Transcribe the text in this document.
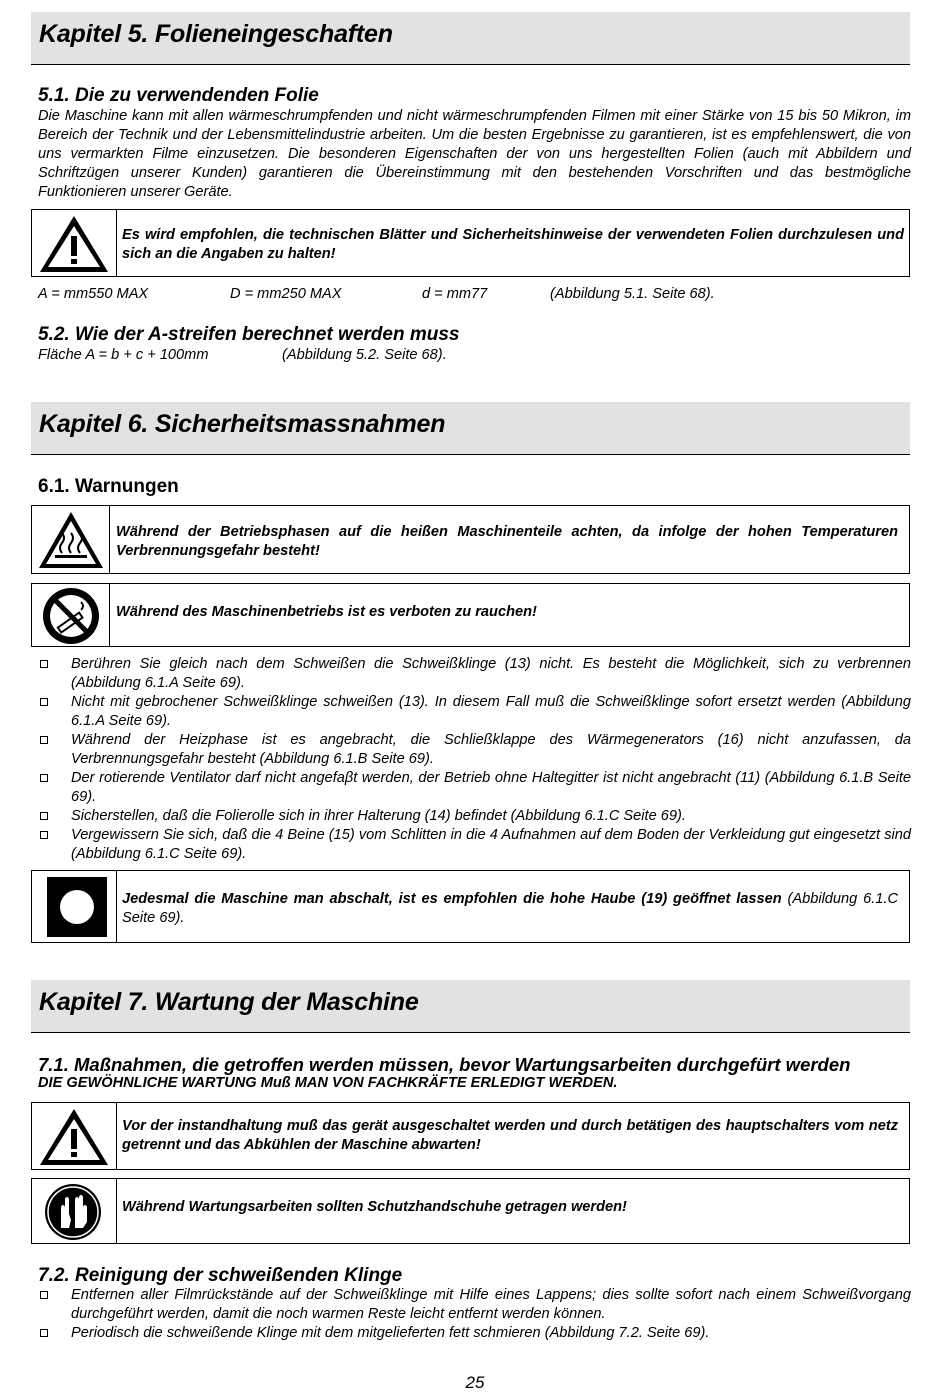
Kapitel 5. Folieneingeschaften
5.1. Die zu verwendenden Folie
Die Maschine kann mit allen wärmeschrumpfenden und nicht wärmeschrumpfenden Filmen mit einer Stärke von 15 bis 50 Mikron, im Bereich der Technik und der Lebensmittelindustrie arbeiten. Um die besten Ergebnisse zu garantieren, ist es empfehlenswert, die von uns vermarkten Filme einzusetzen. Die besonderen Eigenschaften der von uns hergestellten Folien (auch mit Abbildern und Schriftzügen unserer Kunden) garantieren die Übereinstimmung mit den bestehenden Vorschriften und das bestmögliche Funktionieren unserer Geräte.
Es wird empfohlen, die technischen Blätter und Sicherheitshinweise der verwendeten Folien durchzulesen und sich an die Angaben zu halten!
A = mm550 MAX	D = mm250 MAX	d = mm77	(Abbildung 5.1. Seite 68).
5.2. Wie der A-streifen berechnet werden muss
Fläche A = b + c + 100mm	(Abbildung 5.2. Seite 68).
Kapitel 6. Sicherheitsmassnahmen
6.1. Warnungen
Während der Betriebsphasen auf die heißen Maschinenteile achten, da infolge der hohen Temperaturen Verbrennungsgefahr besteht!
Während des Maschinenbetriebs ist es verboten zu rauchen!
Berühren Sie gleich nach dem Schweißen die Schweißklinge (13) nicht. Es besteht die Möglichkeit, sich zu verbrennen (Abbildung 6.1.A Seite 69).
Nicht mit gebrochener Schweißklinge schweißen (13). In diesem Fall muß die Schweißklinge sofort ersetzt werden (Abbildung 6.1.A Seite 69).
Während der Heizphase ist es angebracht, die Schließklappe des Wärmegenerators (16) nicht anzufassen, da Verbrennungsgefahr besteht (Abbildung 6.1.B Seite 69).
Der rotierende Ventilator darf nicht angefaβt werden, der Betrieb ohne Haltegitter ist nicht angebracht (11) (Abbildung 6.1.B Seite 69).
Sicherstellen, daß die Folierolle sich in ihrer Halterung (14) befindet (Abbildung 6.1.C Seite 69).
Vergewissern Sie sich, daß die 4 Beine (15) vom Schlitten in die 4 Aufnahmen auf dem Boden der Verkleidung gut eingesetzt sind (Abbildung 6.1.C Seite 69).
Jedesmal die Maschine man abschalt, ist es empfohlen die hohe Haube (19) geöffnet lassen (Abbildung 6.1.C Seite 69).
Kapitel 7. Wartung der Maschine
7.1. Maßnahmen, die getroffen werden müssen, bevor Wartungsarbeiten durchgefürt werden
DIE GEWÖHNLICHE WARTUNG Muß MAN VON FACHKRÄFTE ERLEDIGT WERDEN.
Vor der instandhaltung muß das gerät ausgeschaltet werden und durch betätigen des hauptschalters vom netz getrennt und das Abkühlen der Maschine abwarten!
Während Wartungsarbeiten sollten Schutzhandschuhe getragen werden!
7.2. Reinigung der schweißenden Klinge
Entfernen aller Filmrückstände auf der Schweißklinge mit Hilfe eines Lappens; dies sollte sofort nach einem Schweißvorgang durchgeführt werden, damit die noch warmen Reste leicht entfernt werden können.
Periodisch die schweißende Klinge mit dem mitgelieferten fett schmieren (Abbildung 7.2. Seite 69).
25
